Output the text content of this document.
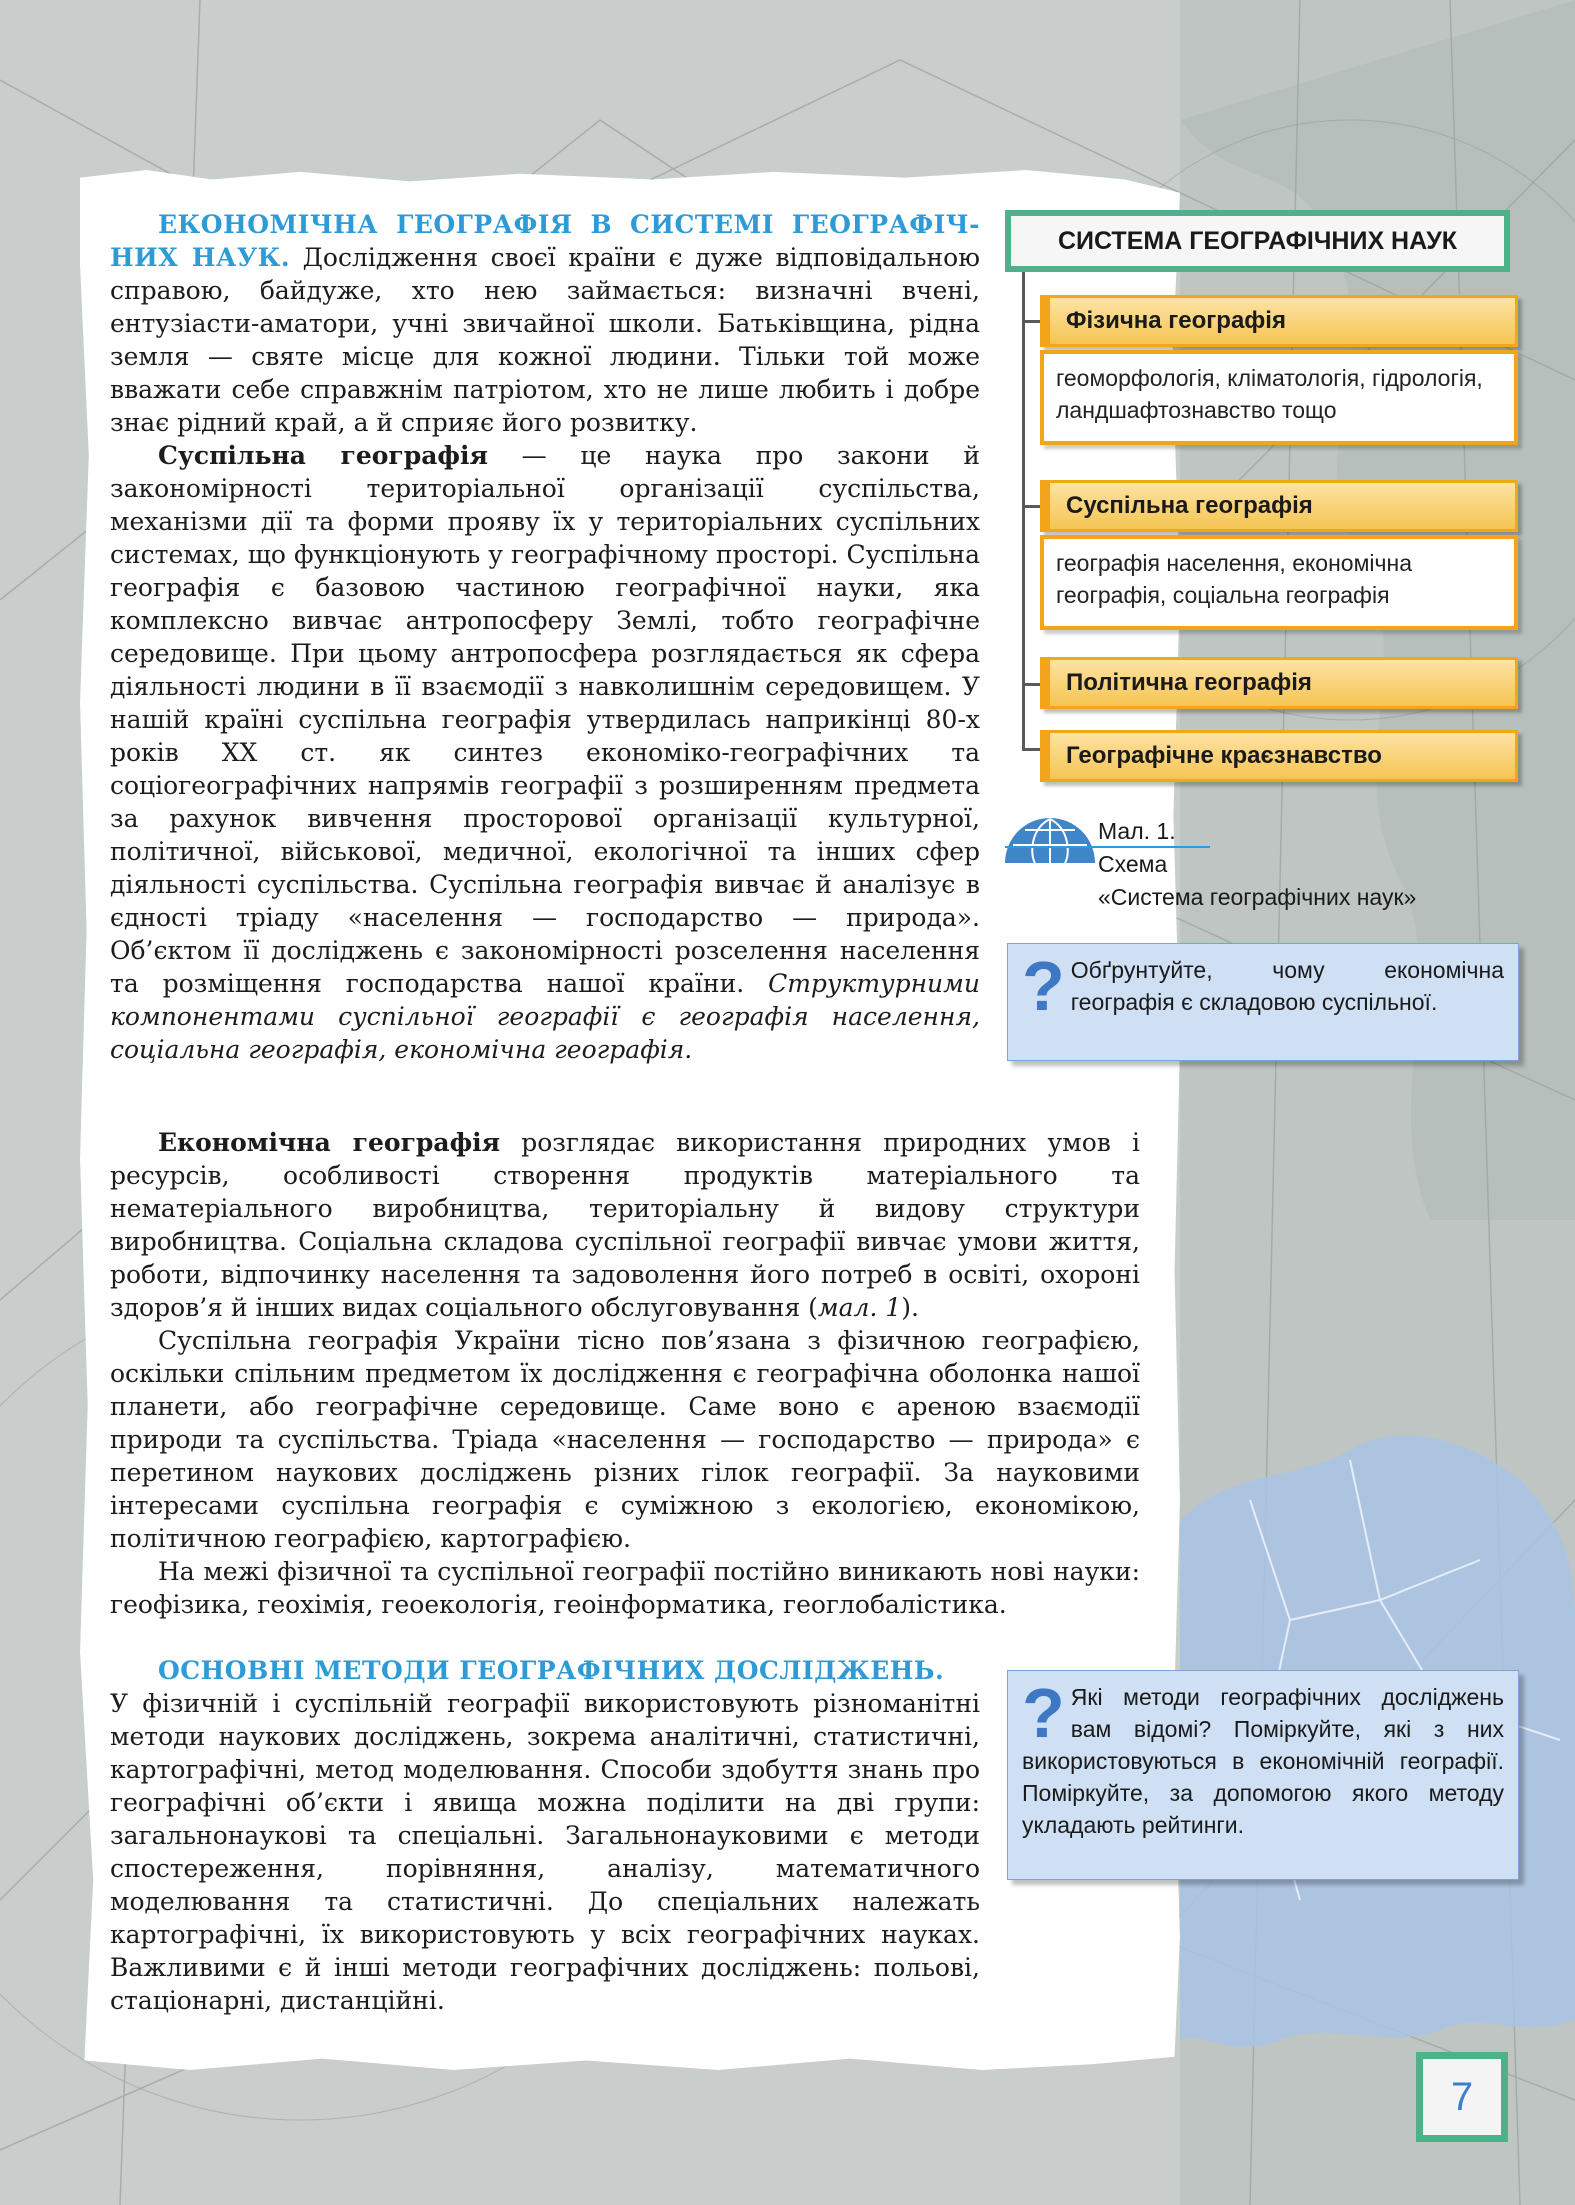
ЕКОНОМІЧНА ГЕОГРАФІЯ В СИСТЕМІ ГЕОГРАФІЧ-НИХ НАУК. Дослідження своєї країни є дуже відповідальною справою, байдуже, хто нею займається: визначні вчені, ентузіасти-аматори, учні звичайної школи. Батьківщина, рідна земля — святе місце для кожної людини. Тільки той може вважати себе справжнім патріотом, хто не лише любить і добре знає рідний край, а й сприяє його розвитку.

Суспільна географія — це наука про закони й закономірності територіальної організації суспільства, механізми дії та форми прояву їх у територіальних суспільних системах, що функціонують у географічному просторі. Суспільна географія є базовою частиною географічної науки, яка комплексно вивчає антропосферу Землі, тобто географічне середовище. При цьому антропосфера розглядається як сфера діяльності людини в її взаємодії з навколишнім середовищем. У нашій країні суспільна географія утвердилась наприкінці 80-х років XX ст. як синтез економіко-географічних та соціогеографічних напрямів географії з розширенням предмета за рахунок вивчення просторової організації культурної, політичної, військової, медичної, екологічної та інших сфер діяльності суспільства. Суспільна географія вивчає й аналізує в єдності тріаду «населення — господарство — природа». Об’єктом її досліджень є закономірності розселення населення та розміщення господарства нашої країни. Структурними компонентами суспільної географії є географія населення, соціальна географія, економічна географія.

Економічна географія розглядає використання природних умов і ресурсів, особливості створення продуктів матеріального та нематеріального виробництва, територіальну й видову структури виробництва. Соціальна складова суспільної географії вивчає умови життя, роботи, відпочинку населення та задоволення його потреб в освіті, охороні здоров’я й інших видах соціального обслуговування (мал. 1).

Суспільна географія України тісно пов’язана з фізичною географією, оскільки спільним предметом їх дослідження є географічна оболонка нашої планети, або географічне середовище. Саме воно є ареною взаємодії природи та суспільства. Тріада «населення — господарство — природа» є перетином наукових досліджень різних гілок географії. За науковими інтересами суспільна географія є суміжною з екологією, економікою, політичною географією, картографією.

На межі фізичної та суспільної географії постійно виникають нові науки: геофізика, геохімія, геоекологія, геоінформатика, геоглобалістика.

ОСНОВНІ МЕТОДИ ГЕОГРАФІЧНИХ ДОСЛІДЖЕНЬ.

У фізичній і суспільній географії використовують різноманітні методи наукових досліджень, зокрема аналітичні, статистичні, картографічні, метод моделювання. Способи здобуття знань про географічні об’єкти і явища можна поділити на дві групи: загальнонаукові та спеціальні. Загальнонауковими є методи спостереження, порівняння, аналізу, математичного моделювання та статистичні. До спеціальних належать картографічні, їх використовують у всіх географічних науках. Важливими є й інші методи географічних досліджень: польові, стаціонарні, дистанційні.

СИСТЕМА ГЕОГРАФІЧНИХ НАУК
Фізична географія
геоморфологія, кліматологія, гідрологія, ландшафтознавство тощо
Суспільна географія
географія населення, економічна географія, соціальна географія
Політична географія
Географічне краєзнавство
Мал. 1.
Схема
«Система географічних наук»
? Обґрунтуйте, чому економічна географія є складовою суспільної.
? Які методи географічних досліджень вам відомі? Поміркуйте, які з них використовуються в економічній географії. Поміркуйте, за допомогою якого методу укладають рейтинги.
7
